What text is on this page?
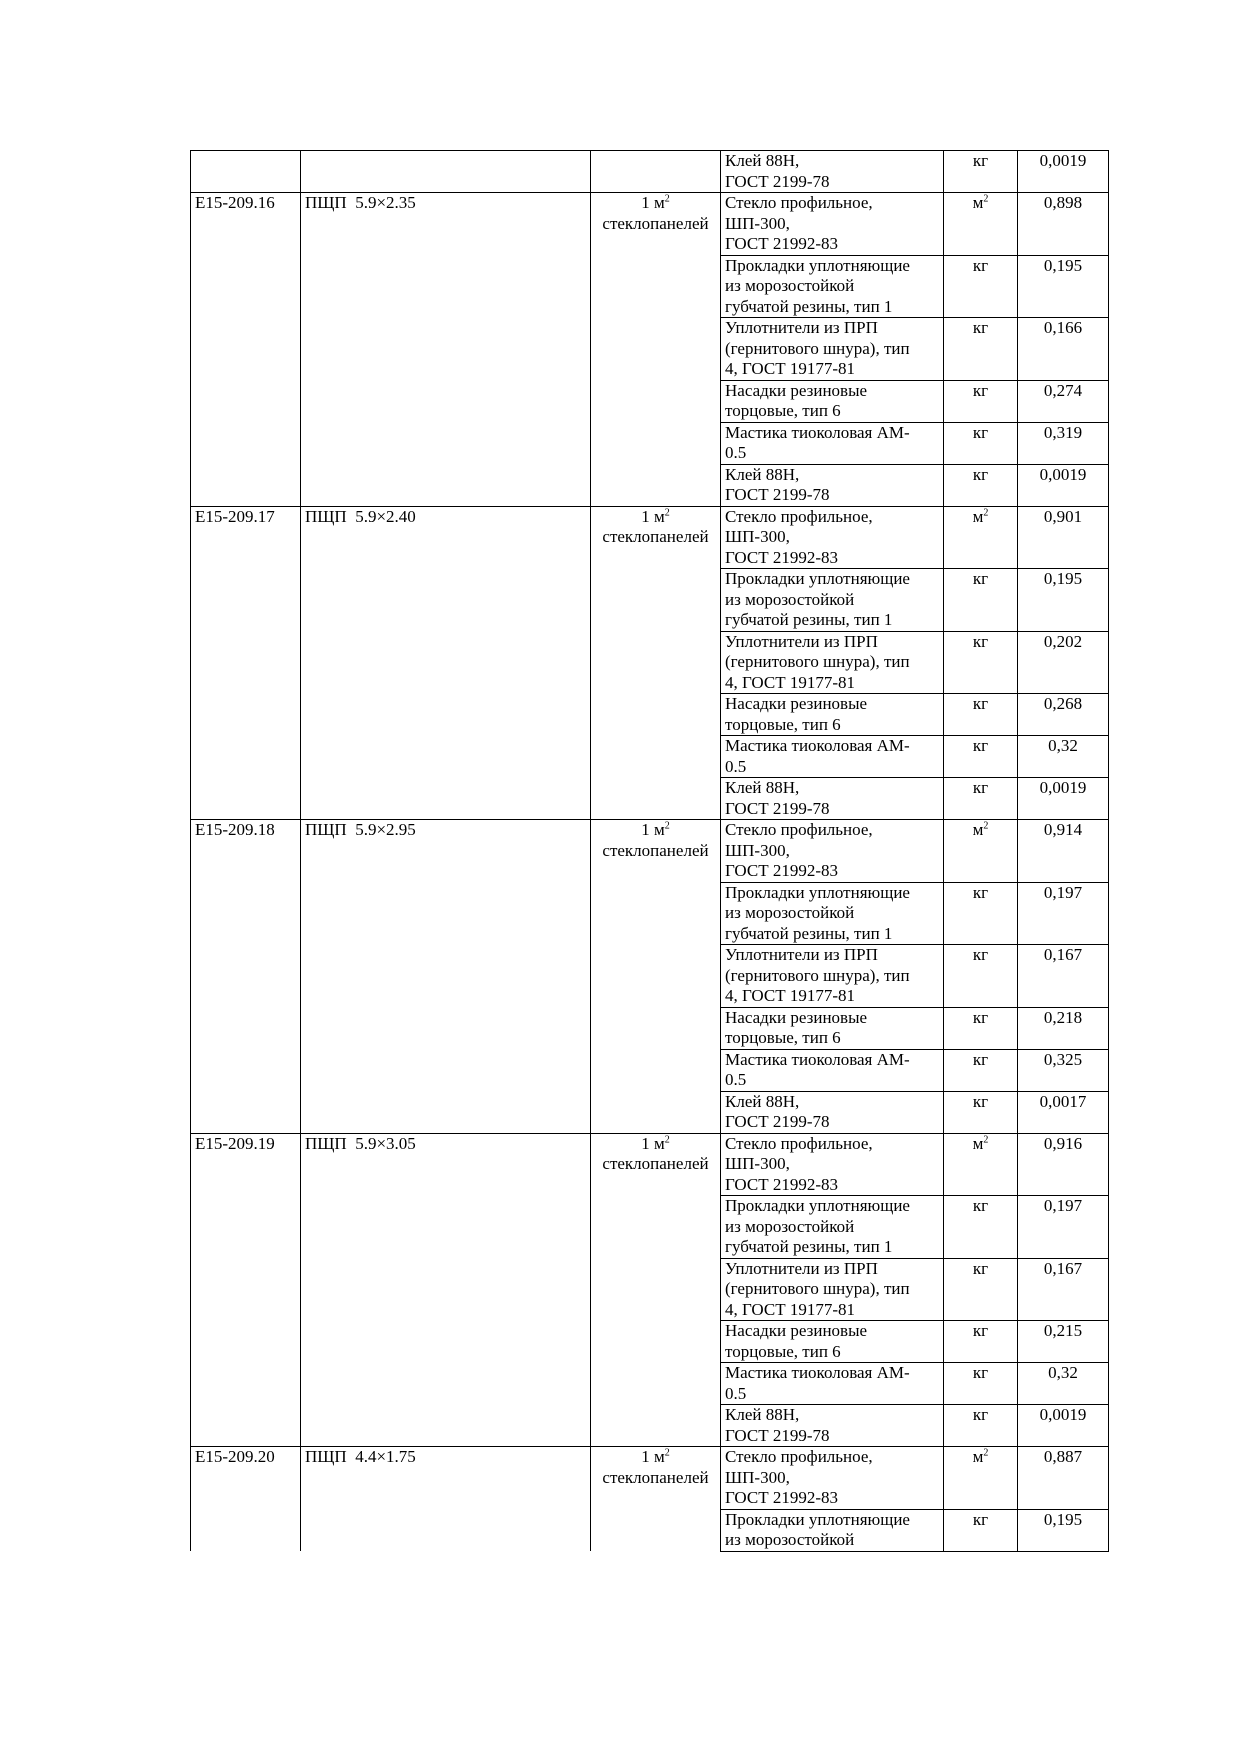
	Клей 88Н,
ГОСТ 2199-78	кг	0,0019
Е15-209.16	ПЩП  5.9×2.35	1 $м^2$
стеклопанелей	Стекло профильное,
ШП-300,
ГОСТ 21992-83	$м^2$	0,898
			Прокладки уплотняющие
из морозостойкой
губчатой резины, тип 1	кг	0,195
			Уплотнители из ПРП
(гернитового шнура), тип
4, ГОСТ 19177-81	кг	0,166
			Насадки резиновые
торцовые, тип 6	кг	0,274
			Мастика тиоколовая АМ-
0.5	кг	0,319
			Клей 88Н,
ГОСТ 2199-78	кг	0,0019
Е15-209.17	ПЩП  5.9×2.40	1 $м^2$
стеклопанелей	Стекло профильное,
ШП-300,
ГОСТ 21992-83	$м^2$	0,901
			Прокладки уплотняющие
из морозостойкой
губчатой резины, тип 1	кг	0,195
			Уплотнители из ПРП
(гернитового шнура), тип
4, ГОСТ 19177-81	кг	0,202
			Насадки резиновые
торцовые, тип 6	кг	0,268
			Мастика тиоколовая АМ-
0.5	кг	0,32
			Клей 88Н,
ГОСТ 2199-78	кг	0,0019
Е15-209.18	ПЩП  5.9×2.95	1 $м^2$
стеклопанелей	Стекло профильное,
ШП-300,
ГОСТ 21992-83	$м^2$	0,914
			Прокладки уплотняющие
из морозостойкой
губчатой резины, тип 1	кг	0,197
			Уплотнители из ПРП
(гернитового шнура), тип
4, ГОСТ 19177-81	кг	0,167
			Насадки резиновые
торцовые, тип 6	кг	0,218
			Мастика тиоколовая АМ-
0.5	кг	0,325
			Клей 88Н,
ГОСТ 2199-78	кг	0,0017
Е15-209.19	ПЩП  5.9×3.05	1 $м^2$
стеклопанелей	Стекло профильное,
ШП-300,
ГОСТ 21992-83	$м^2$	0,916
			Прокладки уплотняющие
из морозостойкой
губчатой резины, тип 1	кг	0,197
			Уплотнители из ПРП
(гернитового шнура), тип
4, ГОСТ 19177-81	кг	0,167
			Насадки резиновые
торцовые, тип 6	кг	0,215
			Мастика тиоколовая АМ-
0.5	кг	0,32
			Клей 88Н,
ГОСТ 2199-78	кг	0,0019
Е15-209.20	ПЩП  4.4×1.75	1 $м^2$
стеклопанелей	Стекло профильное,
ШП-300,
ГОСТ 21992-83	$м^2$	0,887
			Прокладки уплотняющие
из морозостойкой	кг	0,195
